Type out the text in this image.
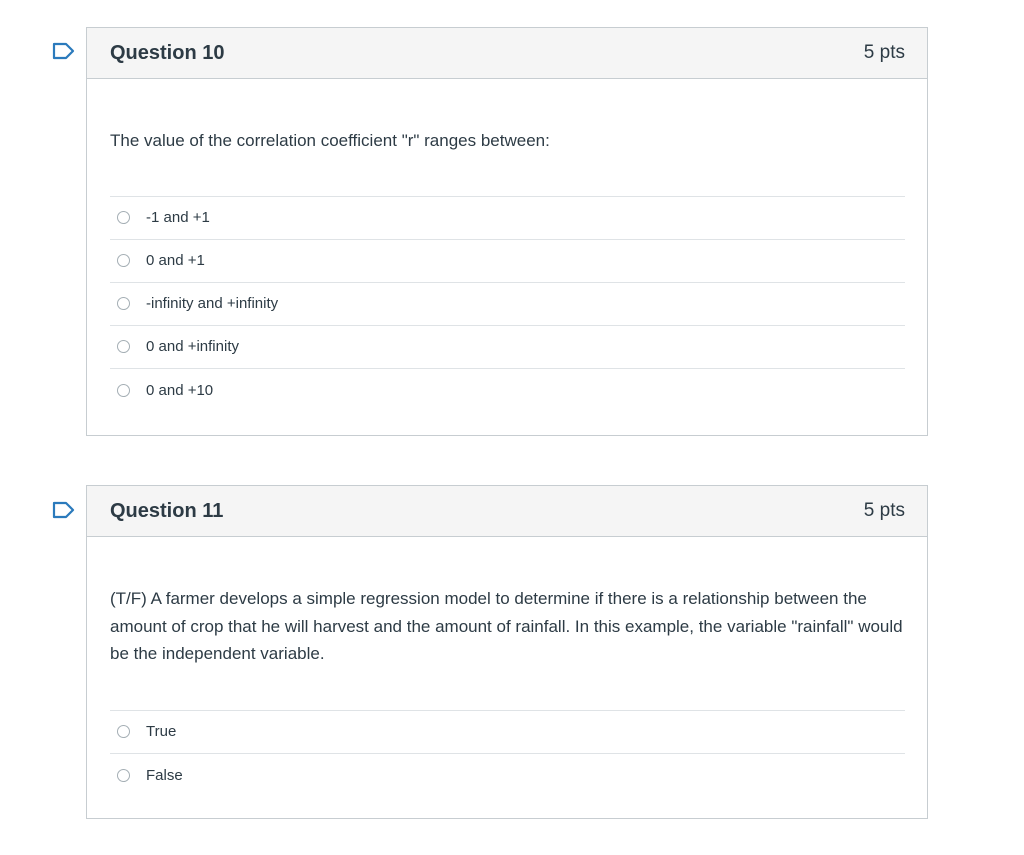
Question 10	5 pts
The value of the correlation coefficient "r" ranges between:
-1 and +1
0 and +1
-infinity and +infinity
0 and +infinity
0 and +10
Question 11	5 pts
(T/F) A farmer develops a simple regression model to determine if there is a relationship between the amount of crop that he will harvest and the amount of rainfall. In this example, the variable "rainfall" would be the independent variable.
True
False
